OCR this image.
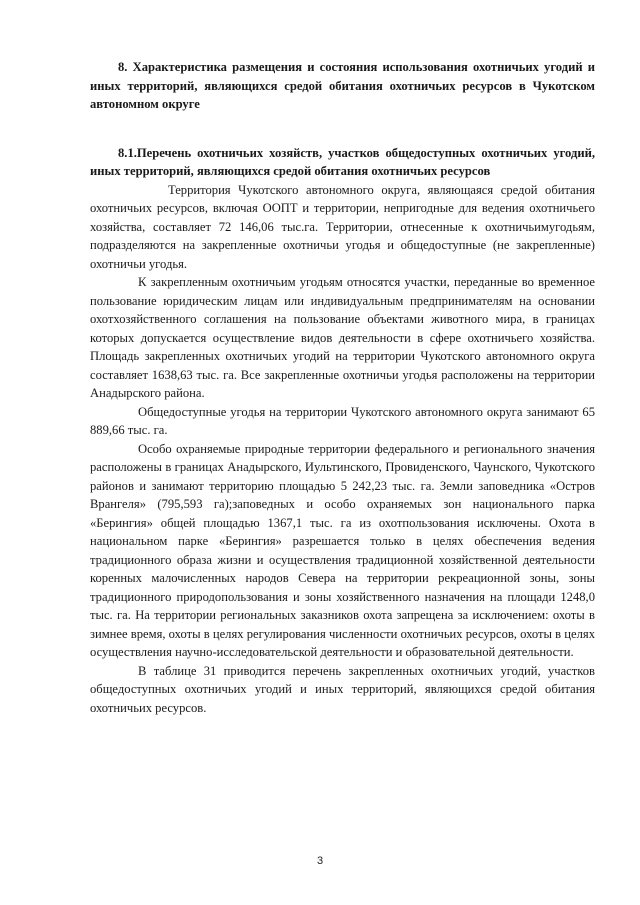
8. Характеристика размещения и состояния использования охотничьих угодий и иных территорий, являющихся средой обитания охотничьих ресурсов в Чукотском автономном округе

8.1.Перечень охотничьих хозяйств, участков общедоступных охотничьих угодий, иных территорий, являющихся средой обитания охотничьих ресурсов

Территория Чукотского автономного округа, являющаяся средой обитания охотничьих ресурсов, включая ООПТ и территории, непригодные для ведения охотничьего хозяйства, составляет 72 146,06 тыс.га. Территории, отнесенные к охотничьимугодьям, подразделяются на закрепленные охотничьи угодья и общедоступные (не закрепленные) охотничьи угодья.

К закрепленным охотничьим угодьям относятся участки, переданные во временное пользование юридическим лицам или индивидуальным предпринимателям на основании охотхозяйственного соглашения на пользование объектами животного мира, в границах которых допускается осуществление видов деятельности в сфере охотничьего хозяйства. Площадь закрепленных охотничьих угодий на территории Чукотского автономного округа составляет 1638,63 тыс. га. Все закрепленные охотничьи угодья расположены на территории Анадырского района.

Общедоступные угодья на территории Чукотского автономного округа занимают 65 889,66 тыс. га.

Особо охраняемые природные территории федерального и регионального значения расположены в границах Анадырского, Иультинского, Провиденского, Чаунского, Чукотского районов и занимают территорию площадью 5 242,23 тыс. га. Земли заповедника «Остров Врангеля» (795,593 га);заповедных и особо охраняемых зон национального парка «Берингия» общей площадью 1367,1 тыс. га из охотпользования исключены. Охота в национальном парке «Берингия» разрешается только в целях обеспечения ведения традиционного образа жизни и осуществления традиционной хозяйственной деятельности коренных малочисленных народов Севера на территории рекреационной зоны, зоны традиционного природопользования и зоны хозяйственного назначения на площади 1248,0 тыс. га. На территории региональных заказников охота запрещена за исключением: охоты в зимнее время, охоты в целях регулирования численности охотничьих ресурсов, охоты в целях осуществления научно-исследовательской деятельности и образовательной деятельности.

В таблице 31 приводится перечень закрепленных охотничьих угодий, участков общедоступных охотничьих угодий и иных территорий, являющихся средой обитания охотничьих ресурсов.

3
